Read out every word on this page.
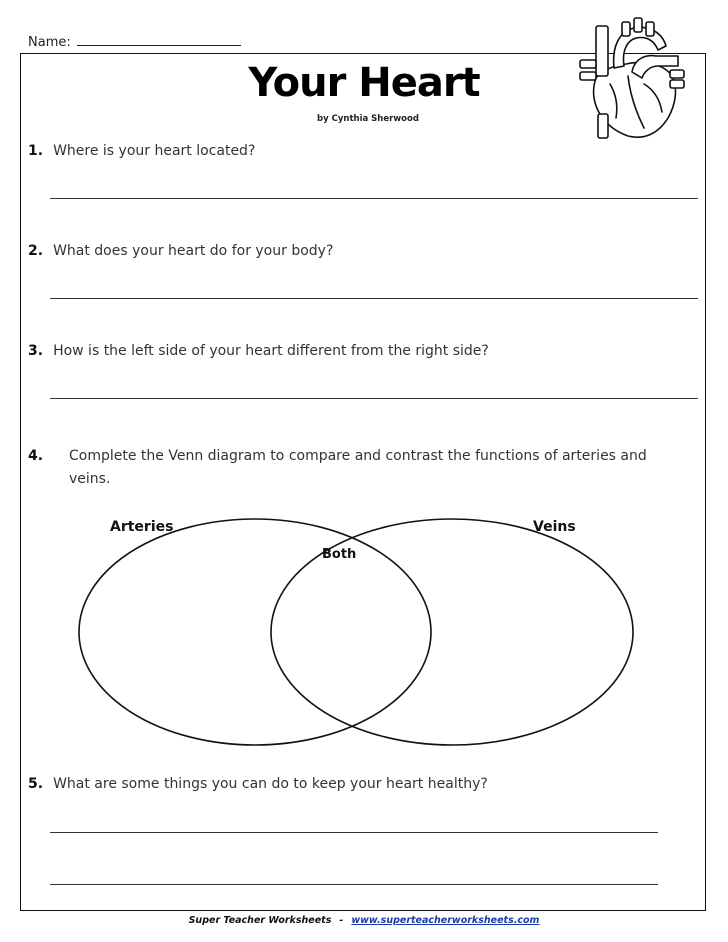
Name:
Your Heart
by Cynthia Sherwood
1. Where is your heart located?
2. What does your heart do for your body?
3. How is the left side of your heart different from the right side?
4. Complete the Venn diagram to compare and contrast the functions of arteries and veins.
Arteries	Veins
Both
5. What are some things you can do to keep your heart healthy?
Super Teacher Worksheets - www.superteacherworksheets.com
